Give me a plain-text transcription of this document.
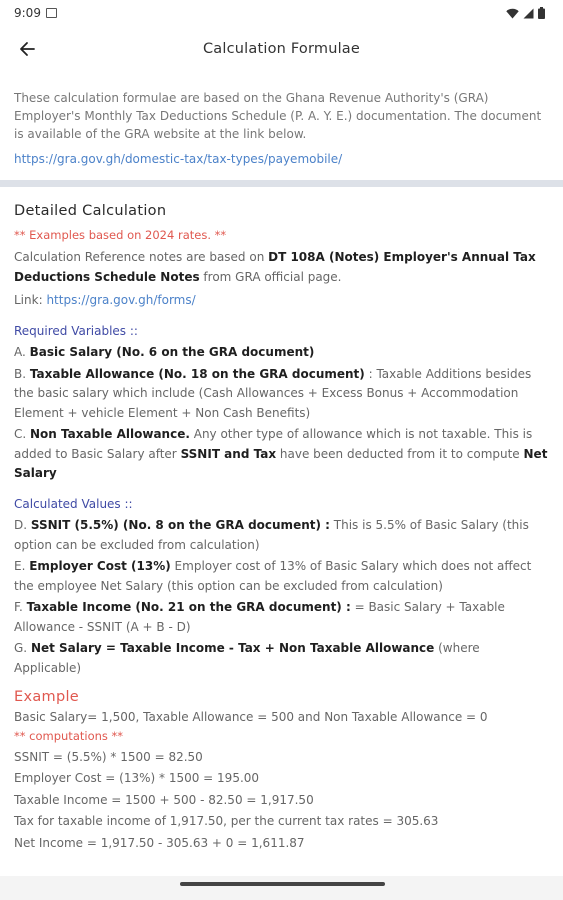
9:09
Calculation Formulae

These calculation formulae are based on the Ghana Revenue Authority's (GRA) Employer's Monthly Tax Deductions Schedule (P. A. Y. E.) documentation. The document is available of the GRA website at the link below.

https://gra.gov.gh/domestic-tax/tax-types/payemobile/
Detailed Calculation
** Examples based on 2024 rates. **

Calculation Reference notes are based on DT 108A (Notes) Employer's Annual Tax Deductions Schedule Notes from GRA official page.

Link: https://gra.gov.gh/forms/

Required Variables ::

A. Basic Salary (No. 6 on the GRA document)

B. Taxable Allowance (No. 18 on the GRA document) : Taxable Additions besides the basic salary which include (Cash Allowances + Excess Bonus + Accommodation Element + vehicle Element + Non Cash Benefits)

C. Non Taxable Allowance. Any other type of allowance which is not taxable. This is added to Basic Salary after SSNIT and Tax have been deducted from it to compute Net Salary

Calculated Values ::

D. SSNIT (5.5%) (No. 8 on the GRA document) : This is 5.5% of Basic Salary (this option can be excluded from calculation)

E. Employer Cost (13%) Employer cost of 13% of Basic Salary which does not affect the employee Net Salary (this option can be excluded from calculation)

F. Taxable Income (No. 21 on the GRA document) : = Basic Salary + Taxable Allowance - SSNIT (A + B - D)

G. Net Salary = Taxable Income - Tax + Non Taxable Allowance (where Applicable)

Example

Basic Salary= 1,500, Taxable Allowance = 500 and Non Taxable Allowance = 0

** computations **

SSNIT = (5.5%) * 1500 = 82.50

Employer Cost = (13%) * 1500 = 195.00

Taxable Income = 1500 + 500 - 82.50 = 1,917.50

Tax for taxable income of 1,917.50, per the current tax rates = 305.63

Net Income = 1,917.50 - 305.63 + 0 = 1,611.87
